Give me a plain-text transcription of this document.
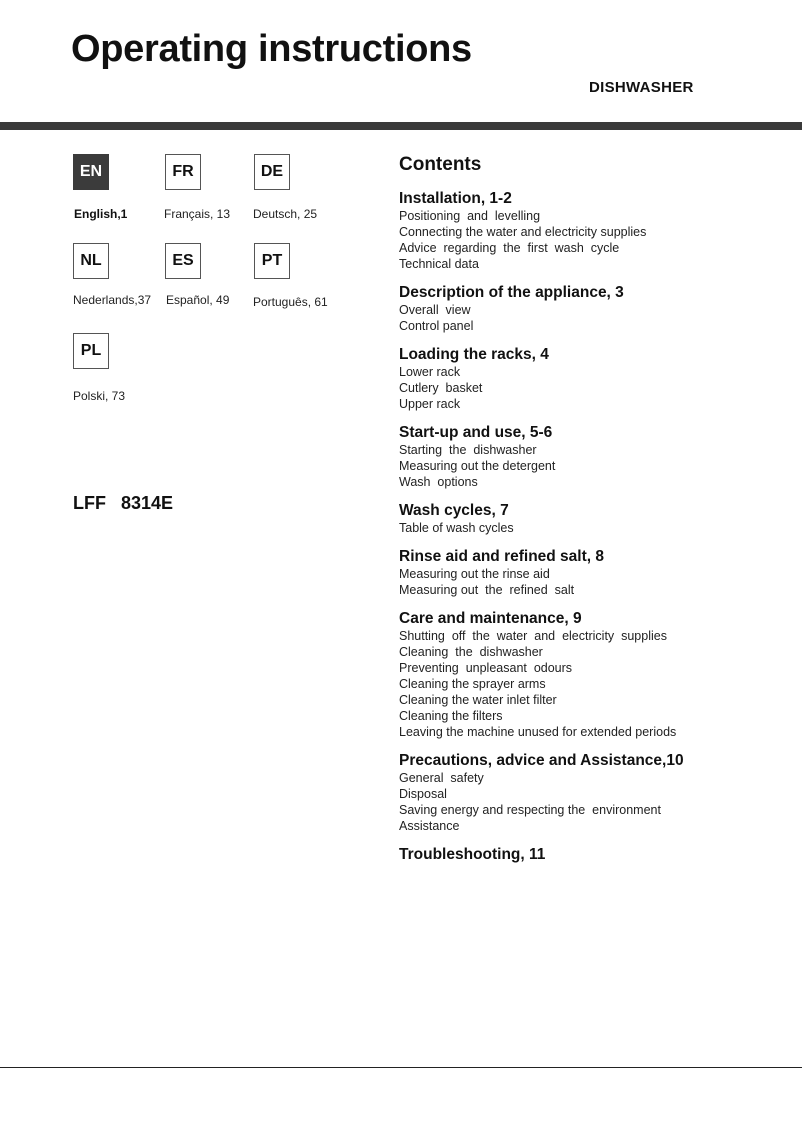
Operating instructions
DISHWASHER
EN	FR	DE
NL	ES	PT
PL
English,1	Français, 13 Deutsch, 25
Nederlands,37 Español, 49 Português, 61
Polski, 73
LFF   8314E
Contents
Installation, 1-2
Positioning  and  levelling
Connecting the water and electricity supplies
Advice  regarding  the  first  wash  cycle
Technical data
Description of the appliance, 3
Overall  view
Control panel
Loading the racks, 4
Lower rack
Cutlery  basket
Upper rack
Start-up and use, 5-6
Starting  the  dishwasher
Measuring out the detergent
Wash  options
Wash cycles, 7
Table of wash cycles
Rinse aid and refined salt, 8
Measuring out the rinse aid
Measuring out  the  refined  salt
Care and maintenance, 9
Shutting  off  the  water  and  electricity  supplies
Cleaning  the  dishwasher
Preventing  unpleasant  odours
Cleaning the sprayer arms
Cleaning the water inlet filter
Cleaning the filters
Leaving the machine unused for extended periods
Precautions, advice and Assistance,10
General  safety
Disposal
Saving energy and respecting the  environment
Assistance
Troubleshooting, 11
